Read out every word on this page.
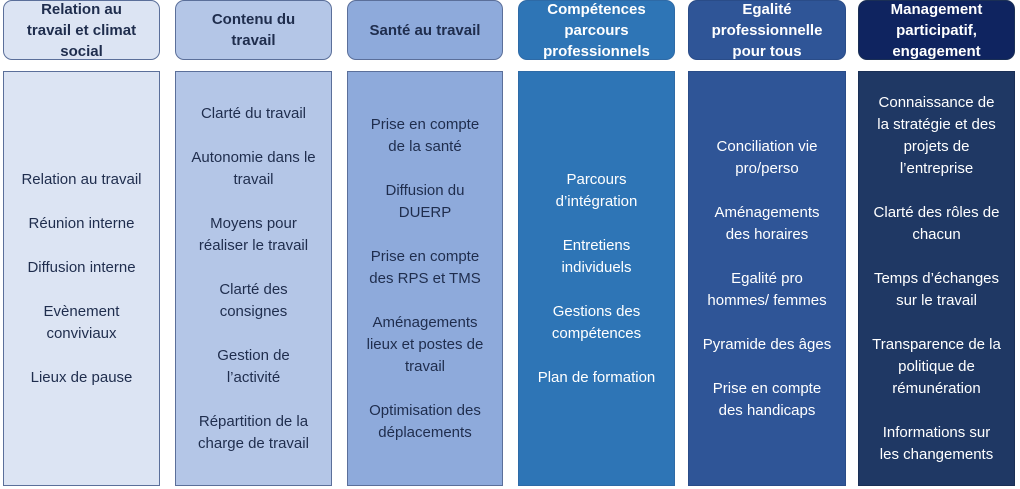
Relation au
travail et climat
social
Relation au travail
Réunion interne
Diffusion interne
Evènement
conviviaux
Lieux de pause
Contenu du
travail
Clarté du travail
Autonomie dans le
travail
Moyens pour
réaliser le travail
Clarté des
consignes
Gestion de
l’activité
Répartition de la
charge de travail
Santé au travail
Prise en compte
de la santé
Diffusion du
DUERP
Prise en compte
des RPS et TMS
Aménagements
lieux et postes de
travail
Optimisation des
déplacements
Compétences
parcours
professionnels
Parcours
d’intégration
Entretiens
individuels
Gestions des
compétences
Plan de formation
Egalité
professionnelle
pour tous
Conciliation vie
pro/perso
Aménagements
des horaires
Egalité pro
hommes/ femmes
Pyramide des âges
Prise en compte
des handicaps
Management
participatif,
engagement
Connaissance de
la stratégie et des
projets de
l’entreprise
Clarté des rôles de
chacun
Temps d’échanges
sur le travail
Transparence de la
politique de
rémunération
Informations sur
les changements
